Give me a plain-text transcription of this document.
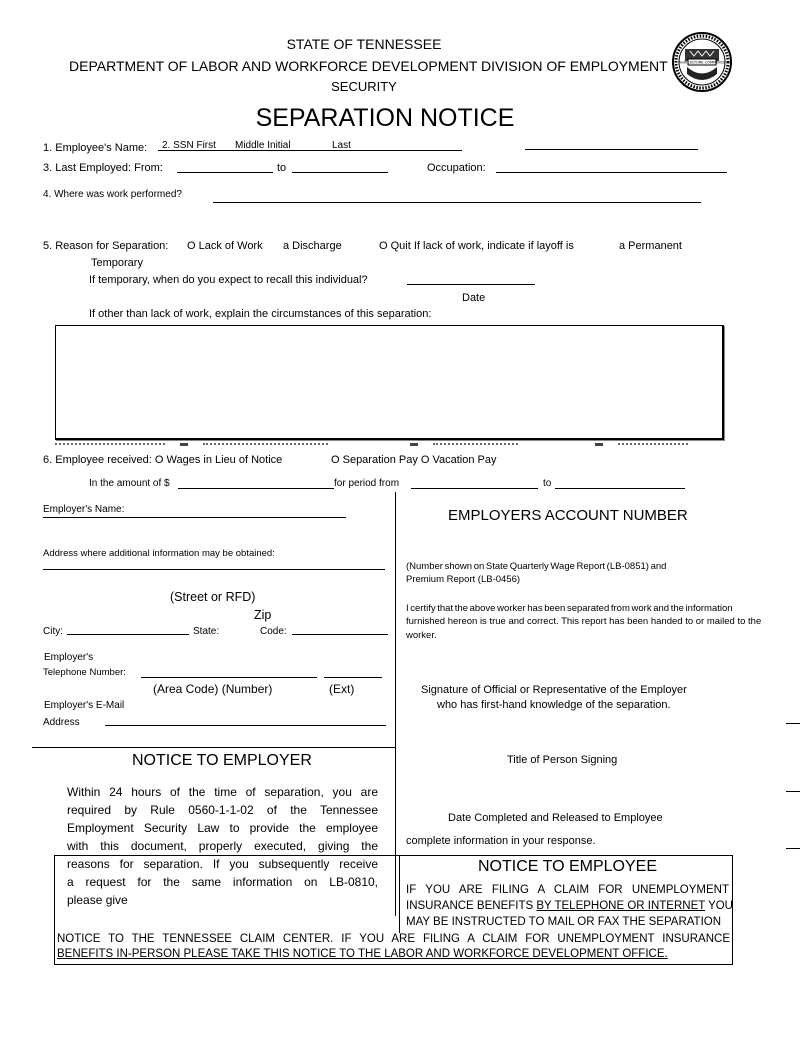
STATE OF TENNESSEE
DEPARTMENT OF LABOR AND WORKFORCE DEVELOPMENT DIVISION OF EMPLOYMENT
SECURITY
AGRICULTURE COMMERCE
SEPARATION NOTICE
1. Employee's Name: 2. SSN First Middle Initial	Last
3. Last Employed: From:	to	Occupation:
4. Where was work performed?
5. Reason for Separation: O Lack of Work a Discharge	O Quit If lack of work, indicate if layoff is	a Permanent
Temporary
If temporary, when do you expect to recall this individual?
Date
If other than lack of work, explain the circumstances of this separation:
6. Employee received: O Wages in Lieu of Notice	O Separation Pay O Vacation Pay
In the amount of $	for period from	to
Employer's Name:
Address where additional information may be obtained:
(Street or RFD)
Zip
City:	State:	Code:
Employer's
Telephone Number:
(Area Code) (Number)	(Ext)
Employer's E-Mail
Address
EMPLOYERS ACCOUNT NUMBER
(Number shown on State Quarterly Wage Report (LB-0851) and
Premium Report (LB-0456)
I certify that the above worker has been separated from work and the information
furnished hereon is true and correct. This report has been handed to or mailed to the
worker.
Signature of Official or Representative of the Employer
who has first-hand knowledge of the separation.
Title of Person Signing
Date Completed and Released to Employee
complete information in your response.
NOTICE TO EMPLOYER
Within 24 hours of the time of separation, you are
required by Rule 0560-1-1-02 of the Tennessee
Employment Security Law to provide the employee
with this document, properly executed, giving the
reasons for separation. If you subsequently receive
a request for the same information on LB-0810,
please give
NOTICE TO EMPLOYEE
IF YOU ARE FILING A CLAIM FOR UNEMPLOYMENT
INSURANCE BENEFITS BY TELEPHONE OR INTERNET YOU
MAY BE INSTRUCTED TO MAIL OR FAX THE SEPARATION
NOTICE TO THE TENNESSEE CLAIM CENTER. IF YOU ARE FILING A CLAIM FOR UNEMPLOYMENT INSURANCE
BENEFITS IN-PERSON PLEASE TAKE THIS NOTICE TO THE LABOR AND WORKFORCE DEVELOPMENT OFFICE.
